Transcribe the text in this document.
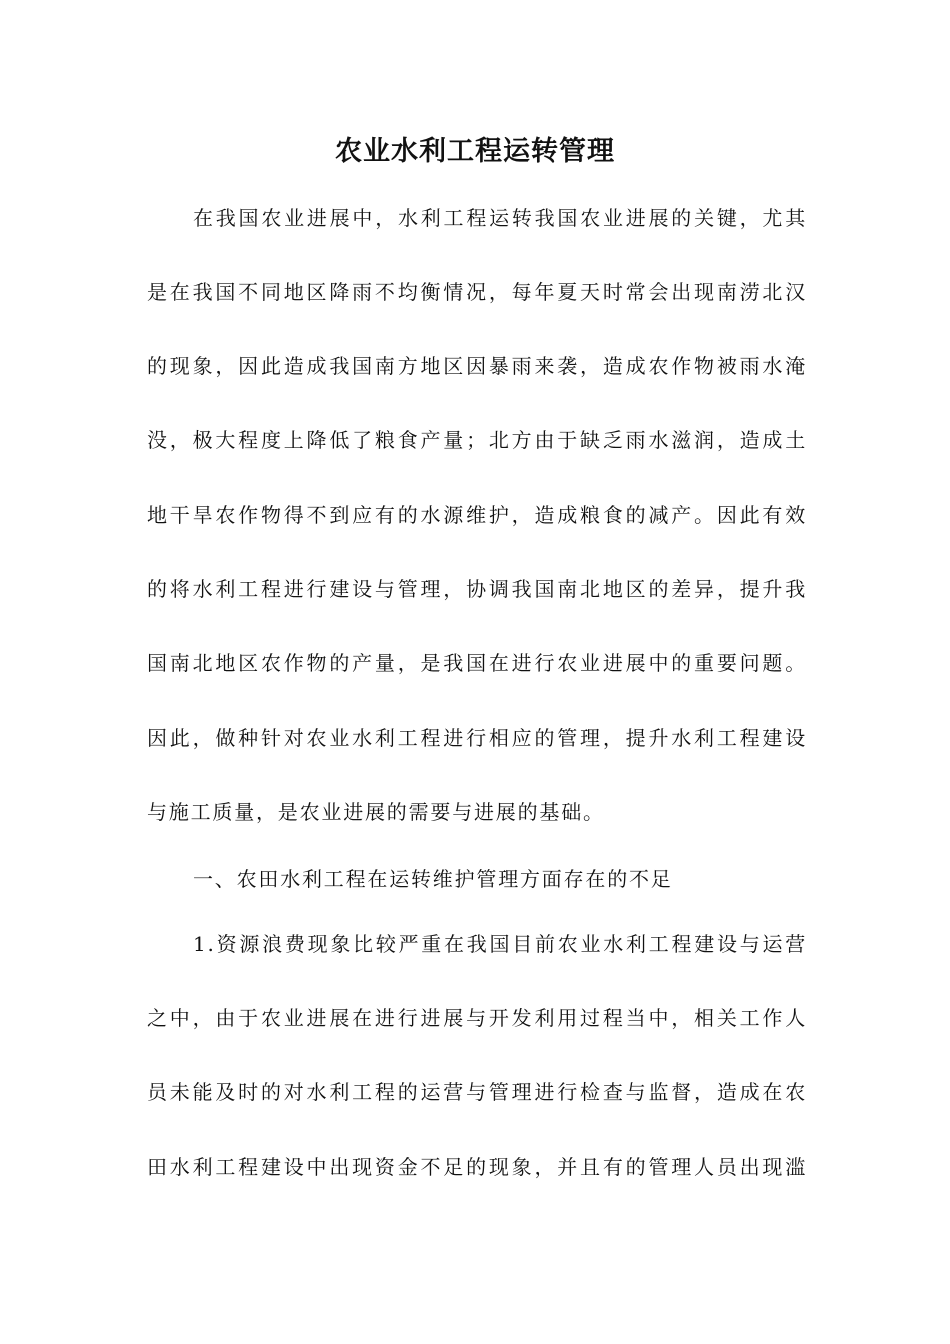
农业水利工程运转管理

在我国农业进展中，水利工程运转我国农业进展的关键，尤其

是在我国不同地区降雨不均衡情况，每年夏天时常会出现南涝北汉

的现象，因此造成我国南方地区因暴雨来袭，造成农作物被雨水淹

没，极大程度上降低了粮食产量；北方由于缺乏雨水滋润，造成土

地干旱农作物得不到应有的水源维护，造成粮食的减产。因此有效

的将水利工程进行建设与管理，协调我国南北地区的差异，提升我

国南北地区农作物的产量，是我国在进行农业进展中的重要问题。

因此，做种针对农业水利工程进行相应的管理，提升水利工程建设

与施工质量，是农业进展的需要与进展的基础。

一、农田水利工程在运转维护管理方面存在的不足

1.资源浪费现象比较严重在我国目前农业水利工程建设与运营

之中，由于农业进展在进行进展与开发利用过程当中，相关工作人

员未能及时的对水利工程的运营与管理进行检查与监督，造成在农

田水利工程建设中出现资金不足的现象，并且有的管理人员出现滥
